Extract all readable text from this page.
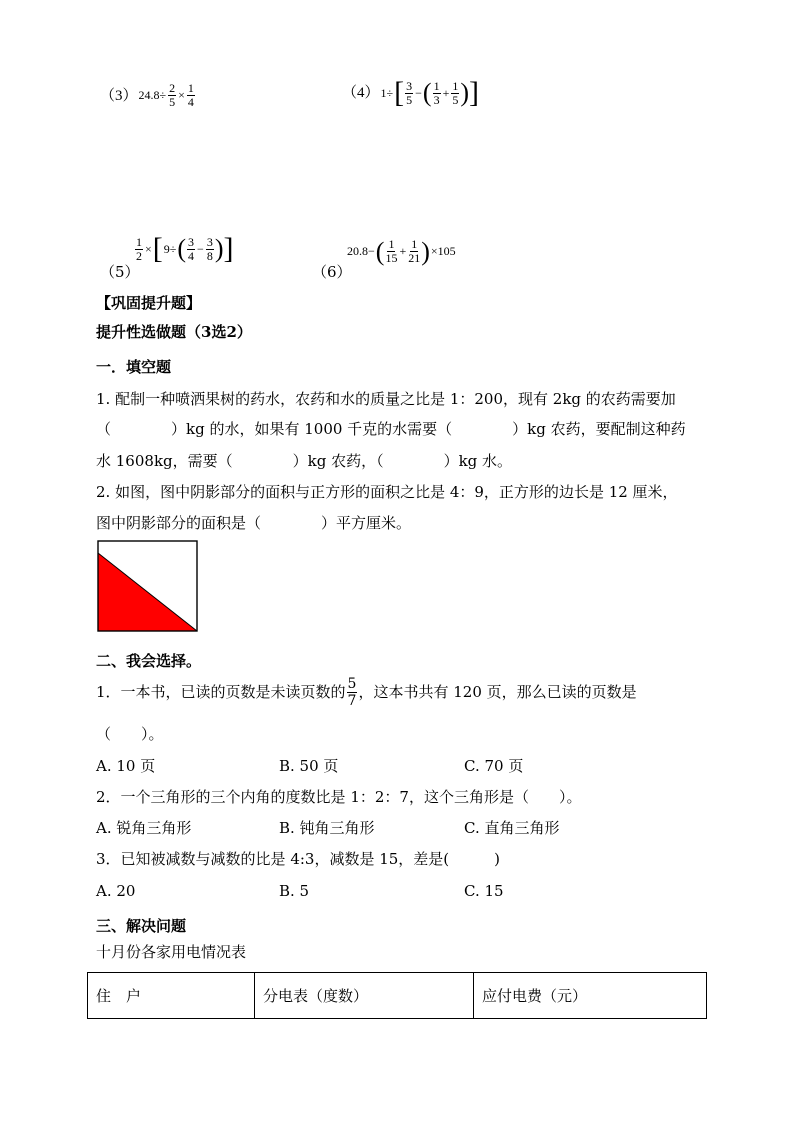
（3） $24.8\div \frac{2}{5} \times \frac{1}{4}$	（4） 1÷ [ $\frac{3}{5}$ − ( $\frac{1}{3} + \frac{1}{5}$ ) ]
（5）
$\frac{1}{2}$ × [ 9÷ ( $\frac{3}{4} - \frac{3}{8}$ ) ]
（6）
20.8− ( $\frac{1}{15} + \frac{1}{21}$ ) ×105
【巩固提升题】
提升性选做题（3选2）
一．填空题
1. 配制一种喷洒果树的药水，农药和水的质量之比是 1：200，现有 2kg 的农药需要加
（　　　　）kg 的水，如果有 1000 千克的水需要（　　　　）kg 农药，要配制这种药
水 1608kg，需要（　　　　）kg 农药，（　　　　）kg 水。
2. 如图，图中阴影部分的面积与正方形的面积之比是 4：9，正方形的边长是 12 厘米，
图中阴影部分的面积是（　　　　）平方厘米。
二、我会选择。
1．一本书，已读的页数是未读页数的 $\frac{5}{7}$ ，这本书共有 120 页，那么已读的页数是
（　　）。
A. 10 页	B. 50 页	C. 70 页
2．一个三角形的三个内角的度数比是 1：2：7，这个三角形是（　　）。
A. 锐角三角形	B. 钝角三角形	C. 直角三角形
3．已知被减数与减数的比是 4:3，减数是 15，差是(　　　)
A. 20	B. 5	C. 15
三、解决问题
十月份各家用电情况表
住　户	分电表（度数）	应付电费（元）
